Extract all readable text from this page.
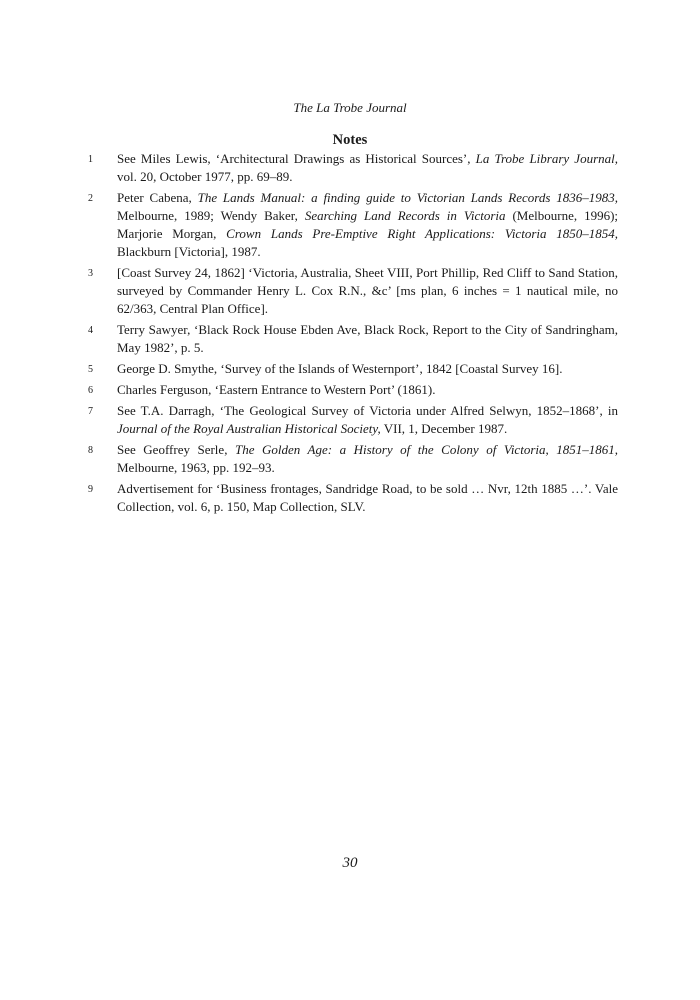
The La Trobe Journal
Notes
1 See Miles Lewis, ‘Architectural Drawings as Historical Sources’, La Trobe Library Journal, vol. 20, October 1977, pp. 69–89.
2 Peter Cabena, The Lands Manual: a finding guide to Victorian Lands Records 1836–1983, Melbourne, 1989; Wendy Baker, Searching Land Records in Victoria (Melbourne, 1996); Marjorie Morgan, Crown Lands Pre-Emptive Right Applications: Victoria 1850–1854, Blackburn [Victoria], 1987.
3 [Coast Survey 24, 1862] ‘Victoria, Australia, Sheet VIII, Port Phillip, Red Cliff to Sand Station, surveyed by Commander Henry L. Cox R.N., &c’ [ms plan, 6 inches = 1 nautical mile, no 62/363, Central Plan Office].
4 Terry Sawyer, ‘Black Rock House Ebden Ave, Black Rock, Report to the City of Sandringham, May 1982’, p. 5.
5 George D. Smythe, ‘Survey of the Islands of Westernport’, 1842 [Coastal Survey 16].
6 Charles Ferguson, ‘Eastern Entrance to Western Port’ (1861).
7 See T.A. Darragh, ‘The Geological Survey of Victoria under Alfred Selwyn, 1852–1868’, in Journal of the Royal Australian Historical Society, VII, 1, December 1987.
8 See Geoffrey Serle, The Golden Age: a History of the Colony of Victoria, 1851–1861, Melbourne, 1963, pp. 192–93.
9 Advertisement for ‘Business frontages, Sandridge Road, to be sold … Nvr, 12th 1885 …’. Vale Collection, vol. 6, p. 150, Map Collection, SLV.
30
